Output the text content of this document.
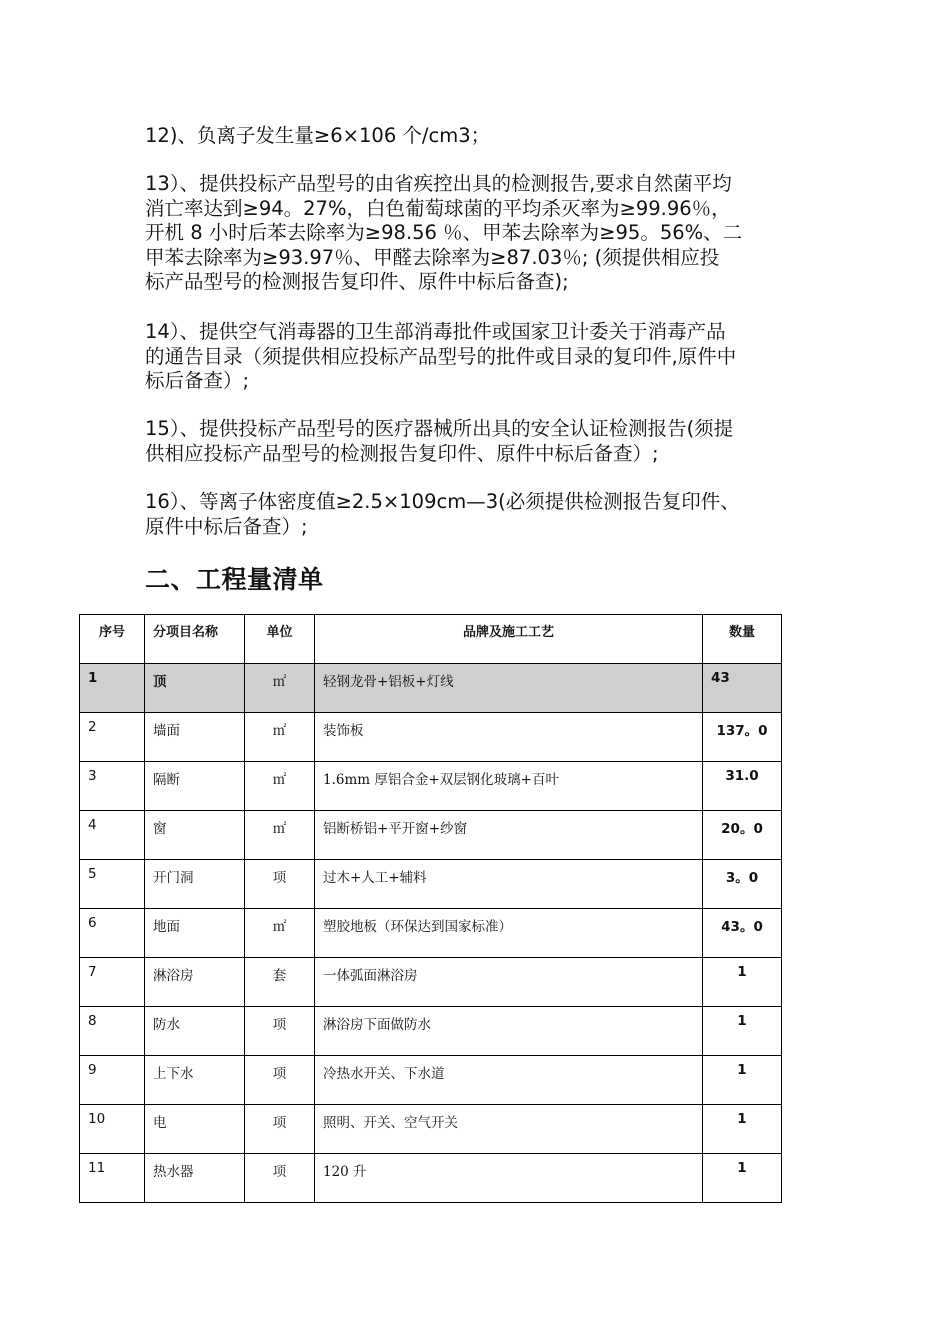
12)、负离子发生量≥6×106 个/cm3；
13）、提供投标产品型号的由省疾控出具的检测报告,要求自然菌平均
消亡率达到≥94。27%，白色葡萄球菌的平均杀灭率为≥99.96％，
开机 8 小时后苯去除率为≥98.56 ％、甲苯去除率为≥95。56%、二
甲苯去除率为≥93.97％、甲醛去除率为≥87.03％; (须提供相应投
标产品型号的检测报告复印件、原件中标后备查);
14）、提供空气消毒器的卫生部消毒批件或国家卫计委关于消毒产品
的通告目录（须提供相应投标产品型号的批件或目录的复印件,原件中
标后备查）;
15）、提供投标产品型号的医疗器械所出具的安全认证检测报告(须提
供相应投标产品型号的检测报告复印件、原件中标后备查）;
16）、等离子体密度值≥2.5×109cm—3(必须提供检测报告复印件、
原件中标后备查）;
二、工程量清单
序号	分项目名称	单位	品牌及施工工艺	数量
1	顶	㎡	轻钢龙骨+铝板+灯线	43
2	墙面	㎡	装饰板	137。0
3	隔断	㎡	1.6mm 厚铝合金+双层钢化玻璃+百叶	31.0
4	窗	㎡	铝断桥铝+平开窗+纱窗	20。0
5	开门洞	项	过木+人工+辅料	3。0
6	地面	㎡	塑胶地板（环保达到国家标准）	43。0
7	淋浴房	套	一体弧面淋浴房	1
8	防水	项	淋浴房下面做防水	1
9	上下水	项	冷热水开关、下水道	1
10	电	项	照明、开关、空气开关	1
11	热水器	项	120 升	1
